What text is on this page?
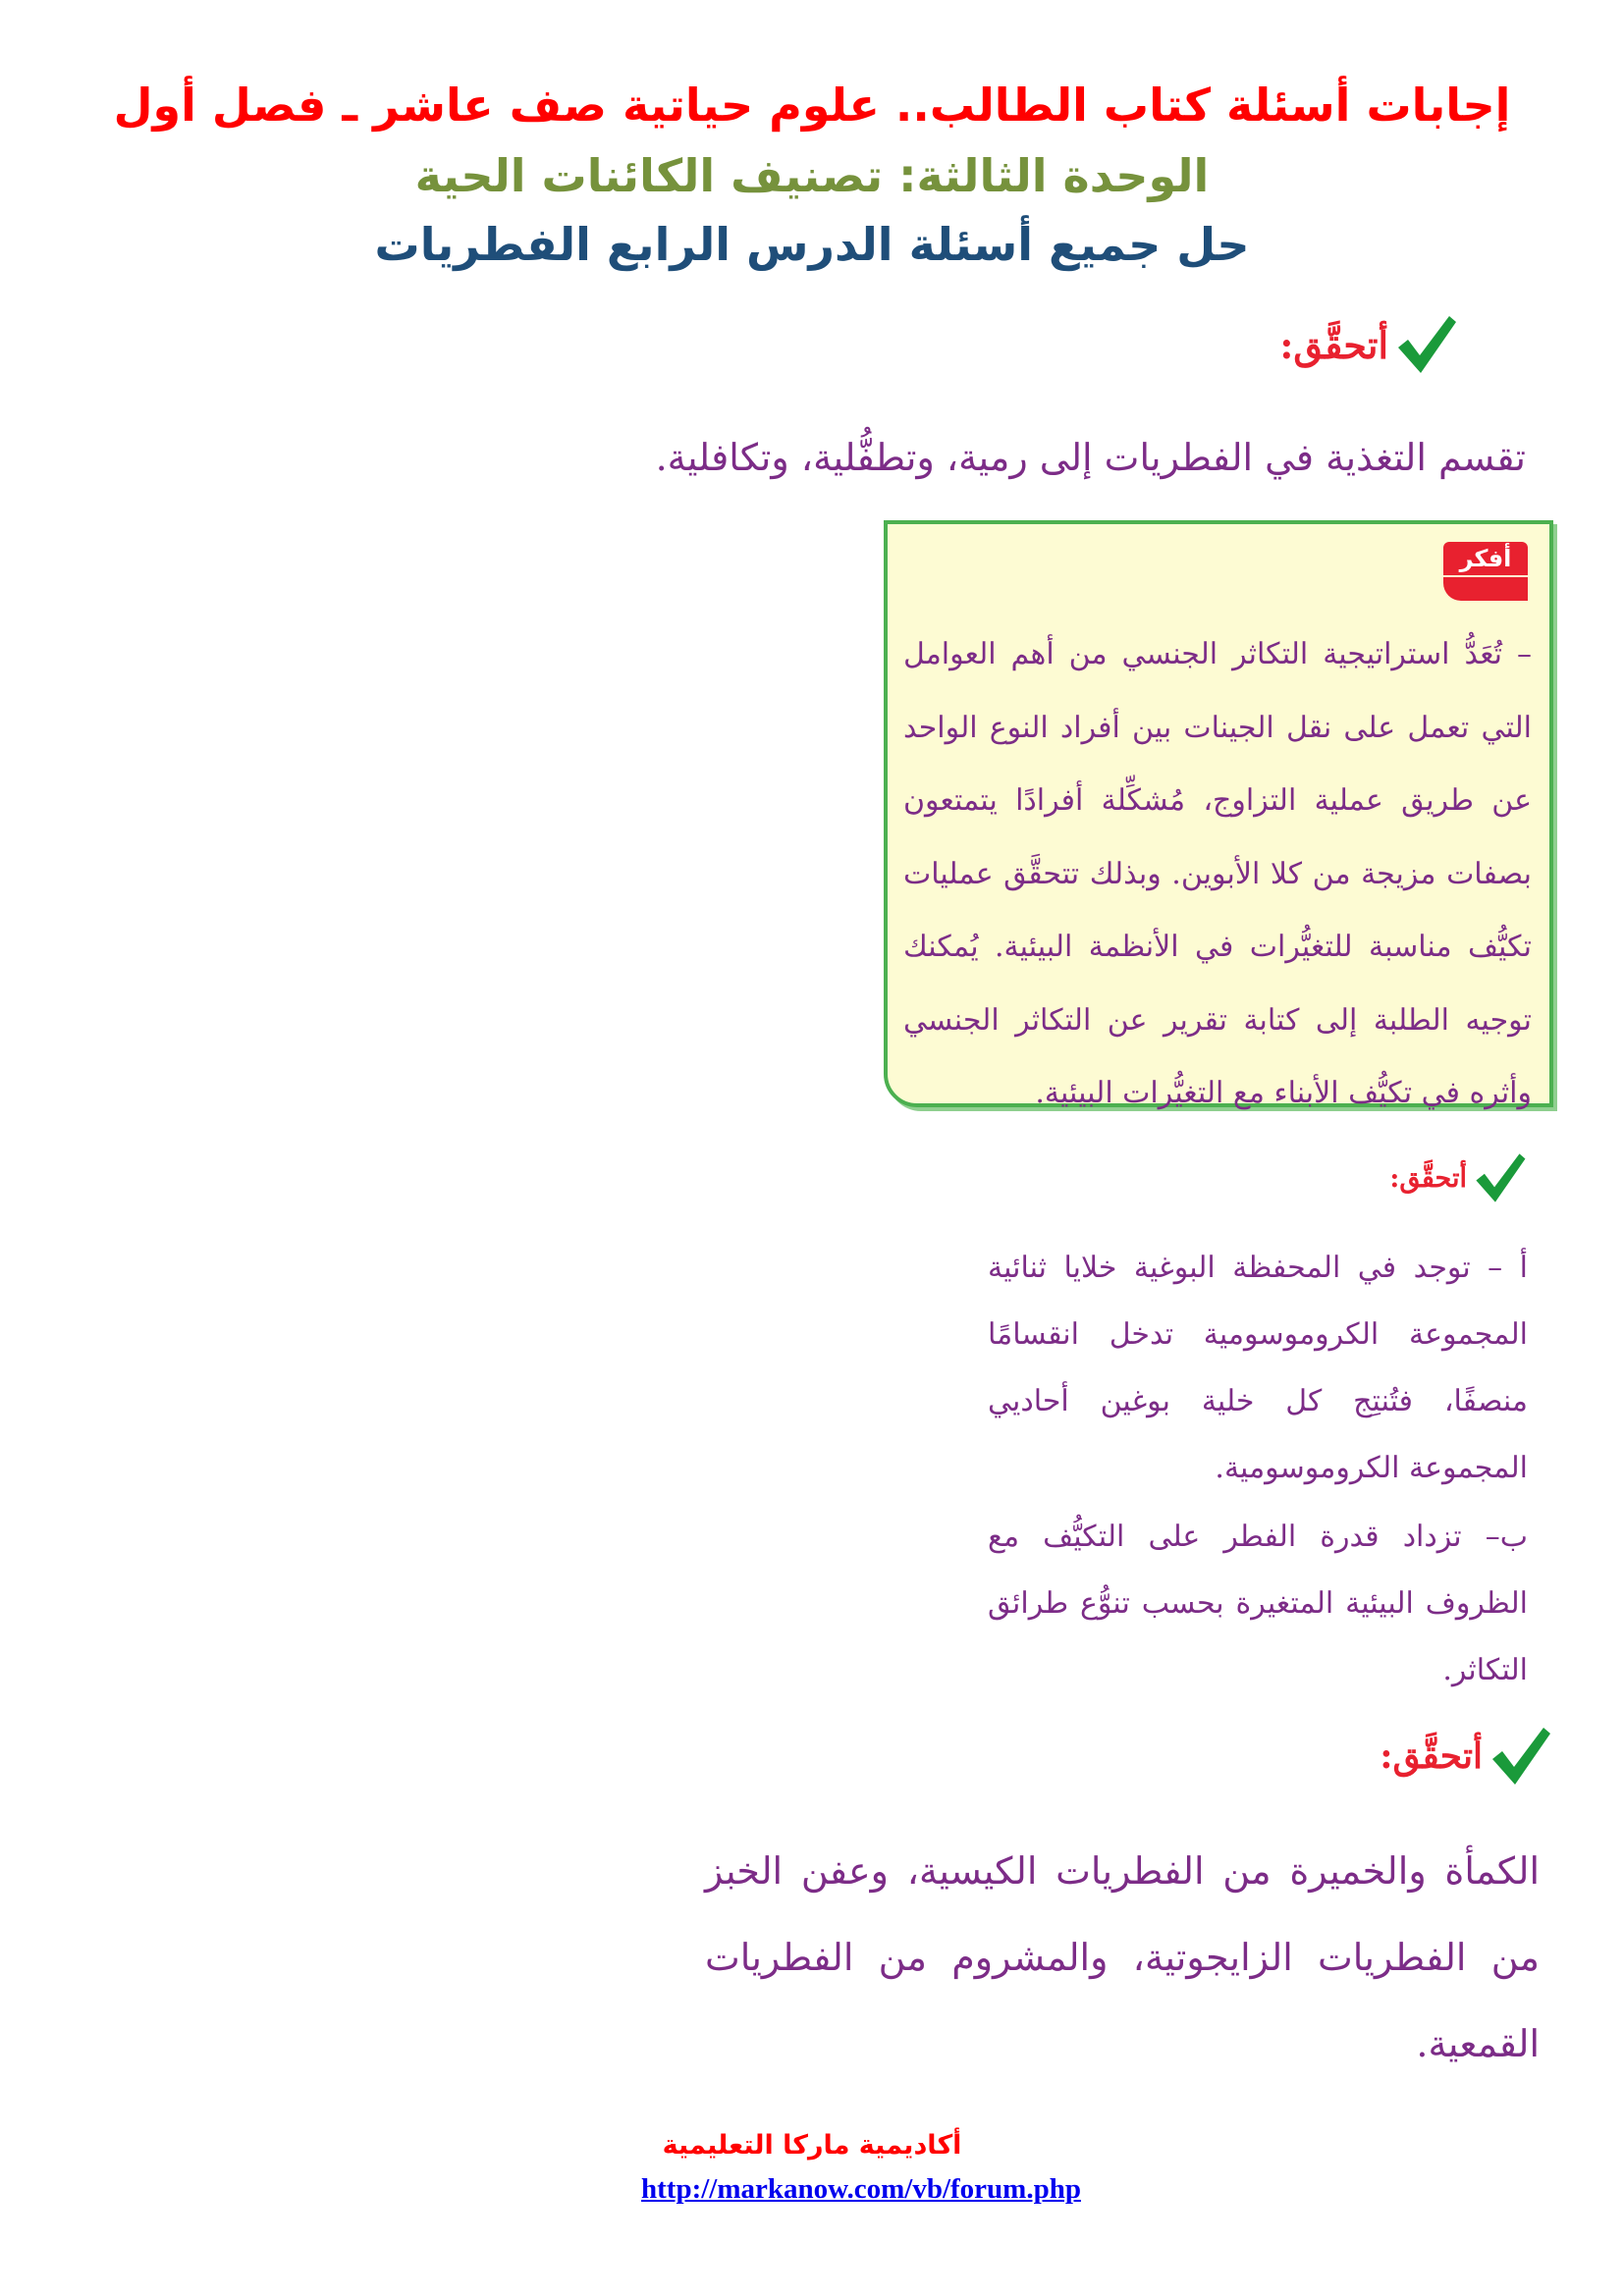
إجابات أسئلة كتاب الطالب.. علوم حياتية صف عاشر ـ فصل أول
الوحدة الثالثة: تصنيف الكائنات الحية
حل جميع أسئلة الدرس الرابع الفطريات
أتحقَّق:
تقسم التغذية في الفطريات إلى رمية، وتطفُّلية، وتكافلية.
أفكر
– تُعَدُّ استراتيجية التكاثر الجنسي من أهم العوامل التي تعمل على نقل الجينات بين أفراد النوع الواحد عن طريق عملية التزاوج، مُشكِّلة أفرادًا يتمتعون بصفات مزيجة من كلا الأبوين. وبذلك تتحقَّق عمليات تكيُّف مناسبة للتغيُّرات في الأنظمة البيئية. يُمكنك توجيه الطلبة إلى كتابة تقرير عن التكاثر الجنسي وأثره في تكيُّف الأبناء مع التغيُّرات البيئية.
أتحقَّق:
أ – توجد في المحفظة البوغية خلايا ثنائية المجموعة الكروموسومية تدخل انقسامًا منصفًا، فتُنتِج كل خلية بوغين أحاديي المجموعة الكروموسومية.
ب– تزداد قدرة الفطر على التكيُّف مع الظروف البيئية المتغيرة بحسب تنوُّع طرائق التكاثر.
أتحقَّق:
الكمأة والخميرة من الفطريات الكيسية، وعفن الخبز من الفطريات الزايجوتية، والمشروم من الفطريات القمعية.
أكاديمية ماركا التعليمية
http://markanow.com/vb/forum.php
